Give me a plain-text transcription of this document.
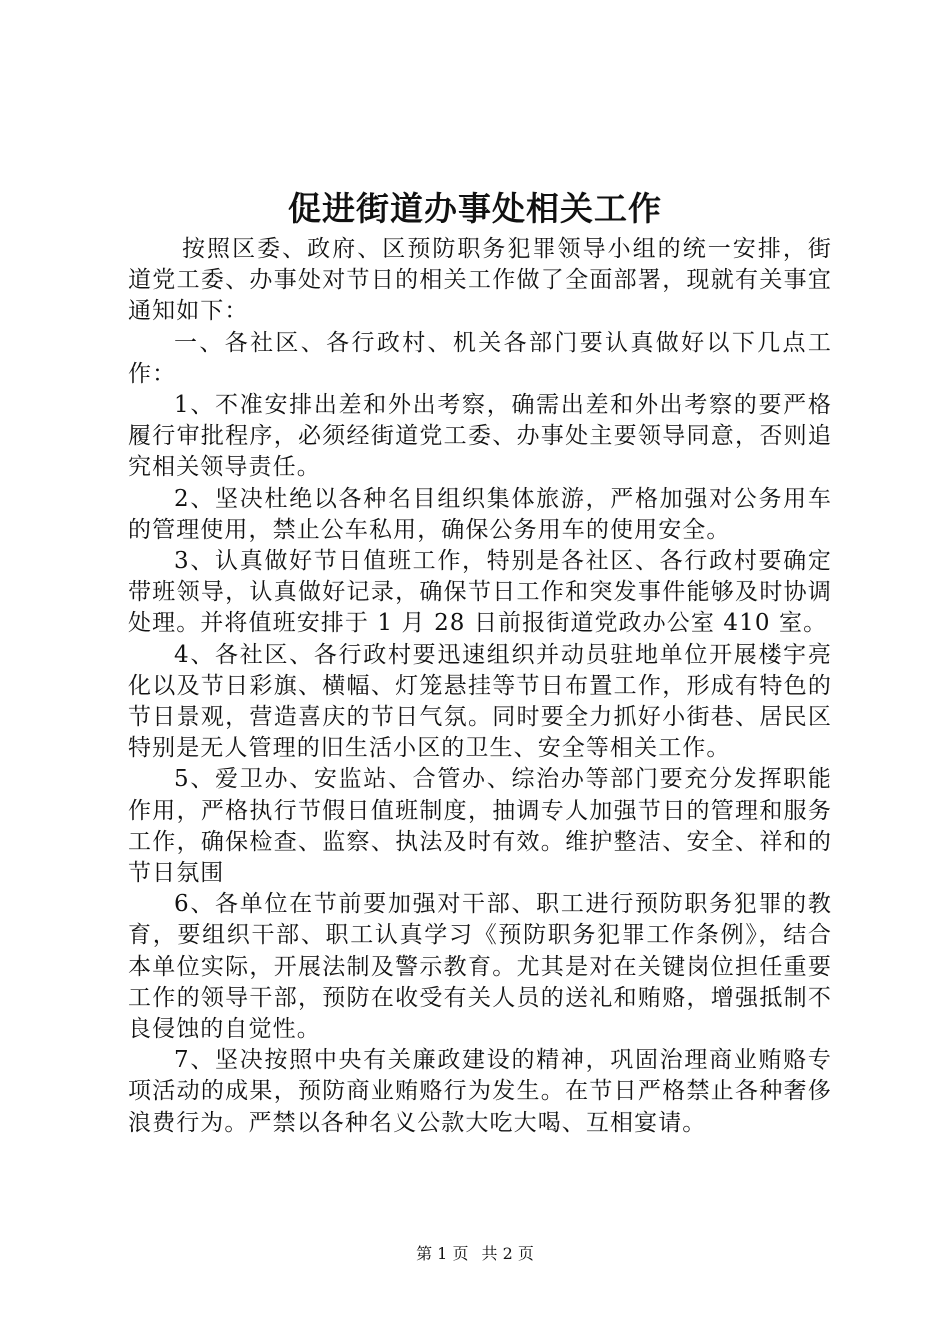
促进街道办事处相关工作

按照区委、政府、区预防职务犯罪领导小组的统一安排，街道党工委、办事处对节日的相关工作做了全面部署，现就有关事宜通知如下：

一、各社区、各行政村、机关各部门要认真做好以下几点工作：

1、不准安排出差和外出考察，确需出差和外出考察的要严格履行审批程序，必须经街道党工委、办事处主要领导同意，否则追究相关领导责任。

2、坚决杜绝以各种名目组织集体旅游，严格加强对公务用车的管理使用，禁止公车私用，确保公务用车的使用安全。

3、认真做好节日值班工作，特别是各社区、各行政村要确定带班领导，认真做好记录，确保节日工作和突发事件能够及时协调处理。并将值班安排于 1 月 28 日前报街道党政办公室 410 室。

4、各社区、各行政村要迅速组织并动员驻地单位开展楼宇亮化以及节日彩旗、横幅、灯笼悬挂等节日布置工作，形成有特色的节日景观，营造喜庆的节日气氛。同时要全力抓好小街巷、居民区特别是无人管理的旧生活小区的卫生、安全等相关工作。

5、爱卫办、安监站、合管办、综治办等部门要充分发挥职能作用，严格执行节假日值班制度，抽调专人加强节日的管理和服务工作，确保检查、监察、执法及时有效。维护整洁、安全、祥和的节日氛围

6、各单位在节前要加强对干部、职工进行预防职务犯罪的教育，要组织干部、职工认真学习《预防职务犯罪工作条例》，结合本单位实际，开展法制及警示教育。尤其是对在关键岗位担任重要工作的领导干部，预防在收受有关人员的送礼和贿赂，增强抵制不良侵蚀的自觉性。

7、坚决按照中央有关廉政建设的精神，巩固治理商业贿赂专项活动的成果，预防商业贿赂行为发生。在节日严格禁止各种奢侈浪费行为。严禁以各种名义公款大吃大喝、互相宴请。

第 1 页 共 2 页
